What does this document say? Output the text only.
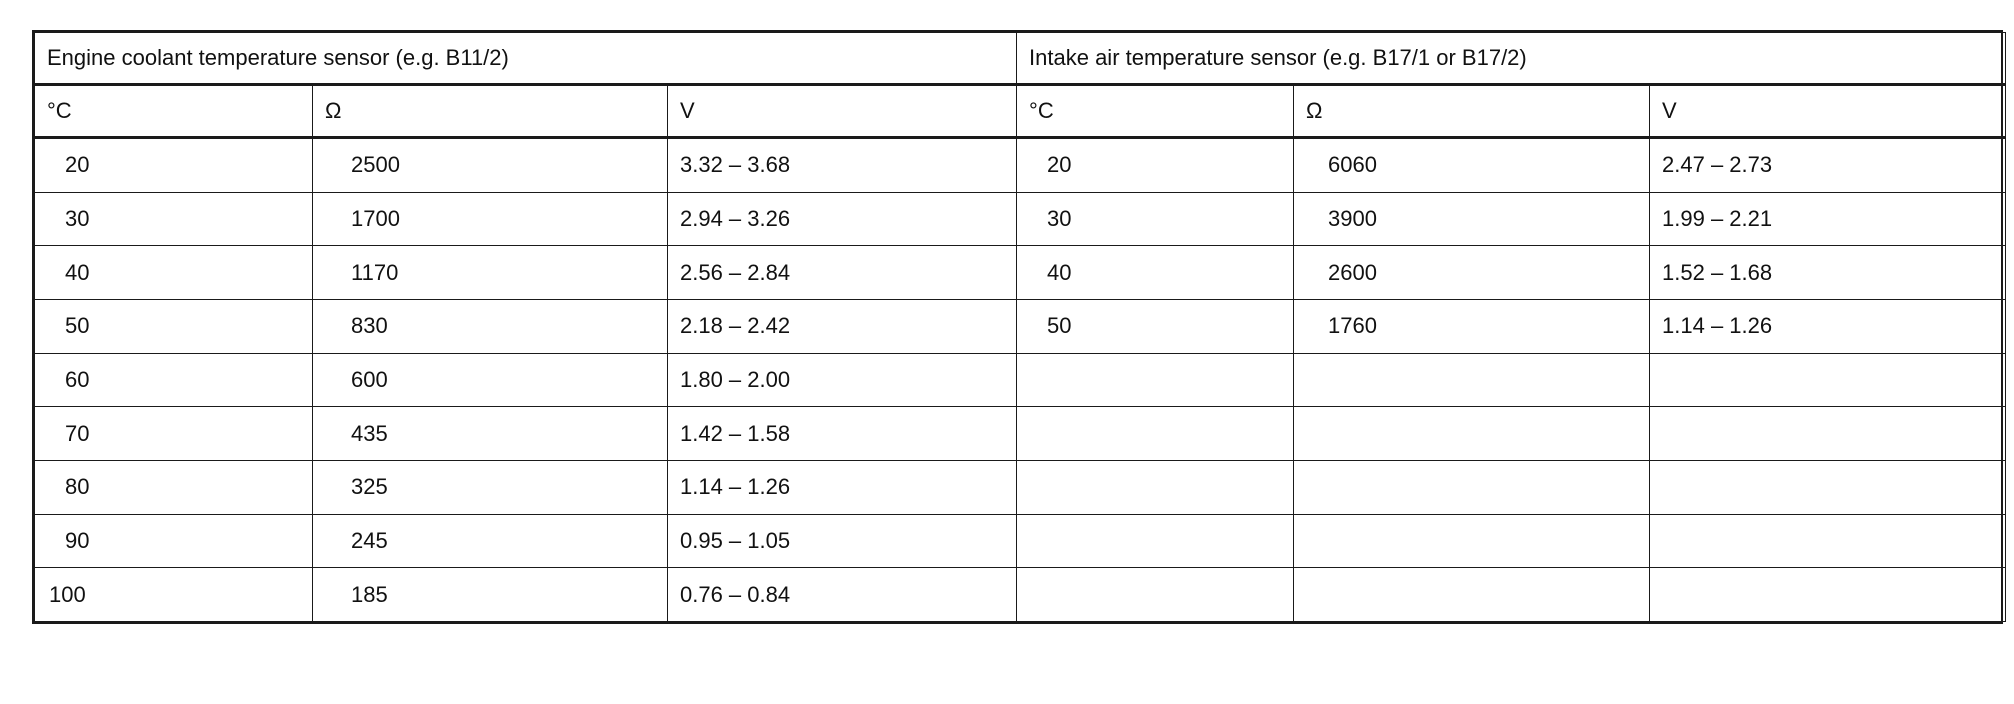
Engine coolant temperature sensor (e.g. B11/2)			Intake air temperature sensor (e.g. B17/1 or B17/2)		
°C	Ω	V	°C	Ω	V
20	2500	3.32 – 3.68	20	6060	2.47 – 2.73
30	1700	2.94 – 3.26	30	3900	1.99 – 2.21
40	1170	2.56 – 2.84	40	2600	1.52 – 1.68
50	830	2.18 – 2.42	50	1760	1.14 – 1.26
60	600	1.80 – 2.00			
70	435	1.42 – 1.58			
80	325	1.14 – 1.26			
90	245	0.95 – 1.05			
100	185	0.76 – 0.84			
